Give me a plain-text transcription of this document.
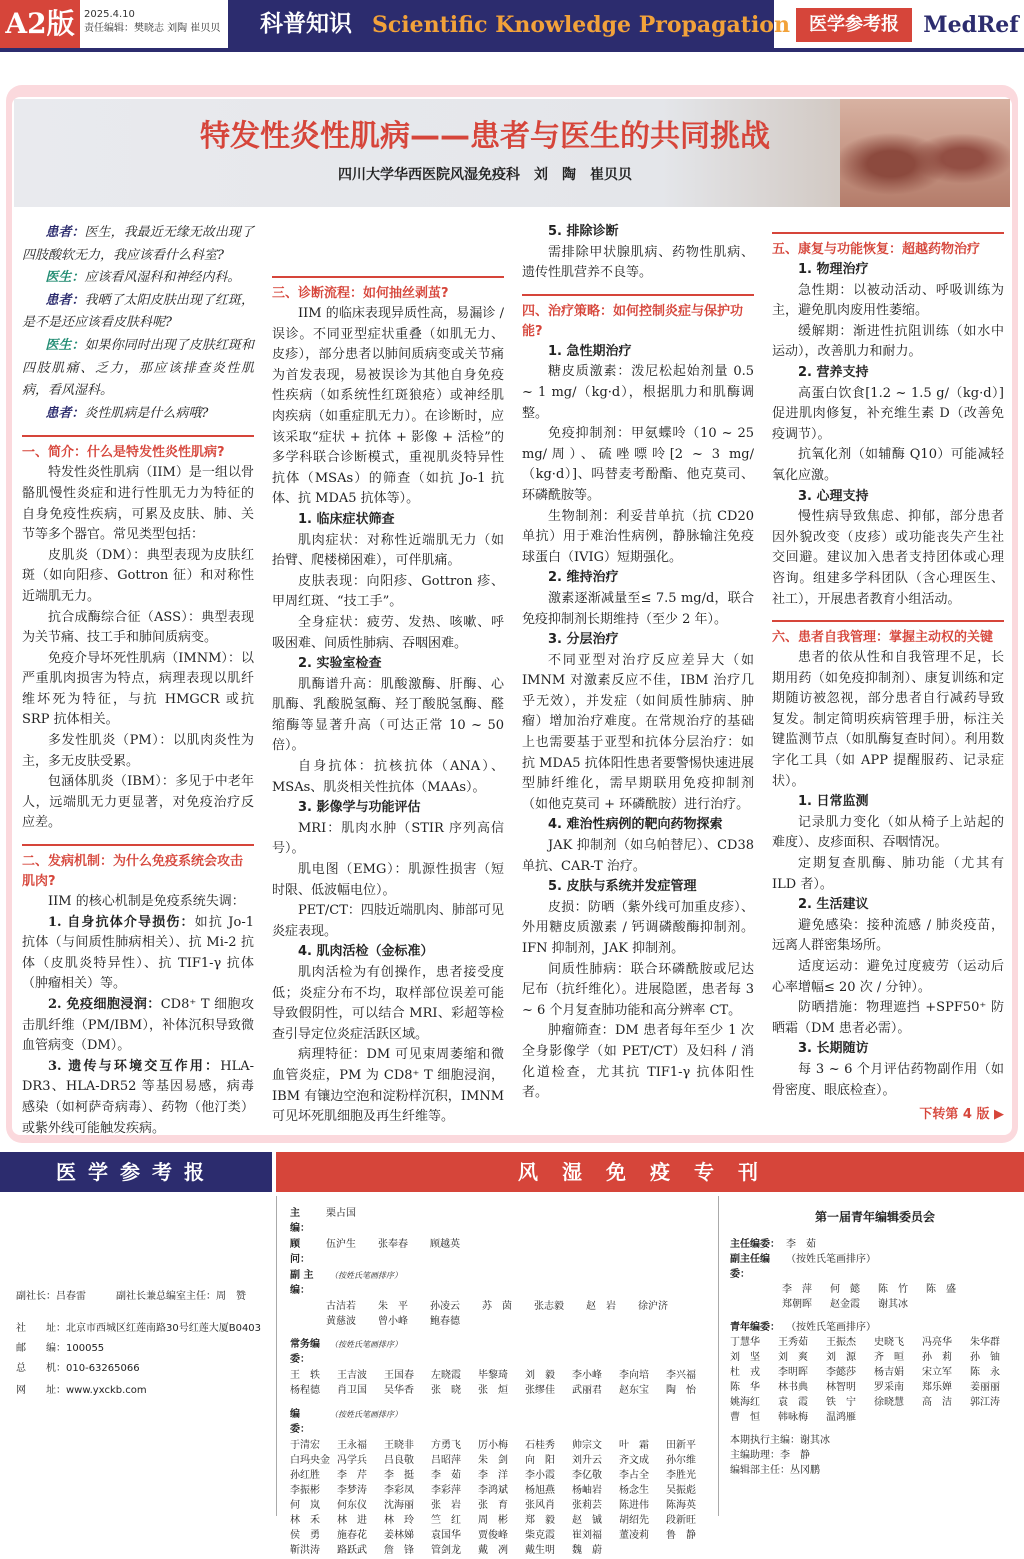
A2版 2025.4.10
责任编辑：樊晓志 刘陶 崔贝贝 科普知识 Scientific Knowledge Propagation	医学参考报	MedRef
特发性炎性肌病——患者与医生的共同挑战
四川大学华西医院风湿免疫科　刘　陶　崔贝贝

患者：医生，我最近无缘无故出现了四肢酸软无力，我应该看什么科室?

医生：应该看风湿科和神经内科。

患者：我晒了太阳皮肤出现了红斑，是不是还应该看皮肤科呢?

医生：如果你同时出现了皮肤红斑和四肢肌痛、乏力，那应该排查炎性肌病，看风湿科。

患者：炎性肌病是什么病哦?

一、简介：什么是特发性炎性肌病?

特发性炎性肌病（IIM）是一组以骨骼肌慢性炎症和进行性肌无力为特征的自身免疫性疾病，可累及皮肤、肺、关节等多个器官。常见类型包括：

皮肌炎（DM）：典型表现为皮肤红斑（如向阳疹、Gottron 征）和对称性近端肌无力。

抗合成酶综合征（ASS）：典型表现为关节痛、技工手和肺间质病变。

免疫介导坏死性肌病（IMNM）：以严重肌肉损害为特点，病理表现以肌纤维坏死为特征，与抗 HMGCR 或抗 SRP 抗体相关。

多发性肌炎（PM）：以肌肉炎性为主，多无皮肤受累。

包涵体肌炎（IBM）：多见于中老年人，远端肌无力更显著，对免疫治疗反应差。

二、发病机制：为什么免疫系统会攻击肌肉?

IIM 的核心机制是免疫系统失调：

1. 自身抗体介导损伤：如抗 Jo-1 抗体（与间质性肺病相关）、抗 Mi-2 抗体（皮肌炎特异性）、抗 TIF1-γ 抗体（肿瘤相关）等。

2. 免疫细胞浸润：CD8⁺ T 细胞攻击肌纤维（PM/IBM），补体沉积导致微血管病变（DM）。

3. 遗传与环境交互作用：HLA-DR3、HLA-DR52 等基因易感，病毒感染（如柯萨奇病毒）、药物（他汀类）或紫外线可能触发疾病。

三、诊断流程：如何抽丝剥茧?

IIM 的临床表现异质性高，易漏诊 / 误诊。不同亚型症状重叠（如肌无力、皮疹），部分患者以肺间质病变或关节痛为首发表现，易被误诊为其他自身免疫性疾病（如系统性红斑狼疮）或神经肌肉疾病（如重症肌无力）。在诊断时，应该采取“症状 + 抗体 + 影像 + 活检”的多学科联合诊断模式，重视肌炎特异性抗体（MSAs）的筛查（如抗 Jo-1 抗体、抗 MDA5 抗体等）。

1. 临床症状筛查

肌肉症状：对称性近端肌无力（如抬臂、爬楼梯困难），可伴肌痛。

皮肤表现：向阳疹、Gottron 疹、甲周红斑、“技工手”。

全身症状：疲劳、发热、咳嗽、呼吸困难、间质性肺病、吞咽困难。

2. 实验室检查

肌酶谱升高：肌酸激酶、肝酶、心肌酶、乳酸脱氢酶、羟丁酸脱氢酶、醛缩酶等显著升高（可达正常 10 ~ 50 倍）。

自身抗体：抗核抗体（ANA）、MSAs、肌炎相关性抗体（MAAs）。

3. 影像学与功能评估

MRI：肌肉水肿（STIR 序列高信号）。

肌电图（EMG）：肌源性损害（短时限、低波幅电位）。

PET/CT：四肢近端肌肉、肺部可见炎症表现。

4. 肌肉活检（金标准）

肌肉活检为有创操作，患者接受度低；炎症分布不均，取样部位误差可能导致假阴性，可以结合 MRI、彩超等检查引导定位炎症活跃区域。

病理特征：DM 可见束周萎缩和微血管炎症，PM 为 CD8⁺ T 细胞浸润，IBM 有镶边空泡和淀粉样沉积，IMNM 可见坏死肌细胞及再生纤维等。

5. 排除诊断

需排除甲状腺肌病、药物性肌病、遗传性肌营养不良等。

四、治疗策略：如何控制炎症与保护功能?
1. 急性期治疗

糖皮质激素：泼尼松起始剂量 0.5 ~ 1 mg/（kg·d），根据肌力和肌酶调整。

免疫抑制剂：甲氨蝶呤（10 ~ 25 mg/周）、硫唑嘌呤[2 ~ 3 mg/（kg·d）]、吗替麦考酚酯、他克莫司、环磷酰胺等。

生物制剂：利妥昔单抗（抗 CD20 单抗）用于难治性病例，静脉输注免疫球蛋白（IVIG）短期强化。

2. 维持治疗

激素逐渐减量至≤ 7.5 mg/d，联合免疫抑制剂长期维持（至少 2 年）。

3. 分层治疗

不同亚型对治疗反应差异大（如 IMNM 对激素反应不佳，IBM 治疗几乎无效），并发症（如间质性肺病、肿瘤）增加治疗难度。在常规治疗的基础上也需要基于亚型和抗体分层治疗：如抗 MDA5 抗体阳性患者要警惕快速进展型肺纤维化，需早期联用免疫抑制剂（如他克莫司 + 环磷酰胺）进行治疗。

4. 难治性病例的靶向药物探索

JAK 抑制剂（如乌帕替尼）、CD38 单抗、CAR-T 治疗。

5. 皮肤与系统并发症管理

皮损：防晒（紫外线可加重皮疹）、外用糖皮质激素 / 钙调磷酸酶抑制剂。IFN 抑制剂，JAK 抑制剂。

间质性肺病：联合环磷酰胺或尼达尼布（抗纤维化）。进展隐匿，患者每 3 ~ 6 个月复查肺功能和高分辨率 CT。

肿瘤筛查：DM 患者每年至少 1 次全身影像学（如 PET/CT）及妇科 / 消化道检查，尤其抗 TIF1-γ 抗体阳性者。

五、康复与功能恢复：超越药物治疗
1. 物理治疗

急性期：以被动活动、呼吸训练为主，避免肌肉废用性萎缩。

缓解期：渐进性抗阻训练（如水中运动），改善肌力和耐力。

2. 营养支持

高蛋白饮食[1.2 ~ 1.5 g/（kg·d）]促进肌肉修复，补充维生素 D（改善免疫调节）。

抗氧化剂（如辅酶 Q10）可能减轻氧化应激。

3. 心理支持

慢性病导致焦虑、抑郁，部分患者因外貌改变（皮疹）或功能丧失产生社交回避。建议加入患者支持团体或心理咨询。组建多学科团队（含心理医生、社工），开展患者教育小组活动。

六、患者自我管理：掌握主动权的关键

患者的依从性和自我管理不足，长期用药（如免疫抑制剂）、康复训练和定期随访被忽视，部分患者自行减药导致复发。制定简明疾病管理手册，标注关键监测节点（如肌酶复查时间）。利用数字化工具（如 APP 提醒服药、记录症状）。

1. 日常监测

记录肌力变化（如从椅子上站起的难度）、皮疹面积、吞咽情况。

定期复查肌酶、肺功能（尤其有 ILD 者）。

2. 生活建议

避免感染：接种流感 / 肺炎疫苗，远离人群密集场所。

适度运动：避免过度疲劳（运动后心率增幅≤ 20 次 / 分钟）。

防晒措施：物理遮挡 +SPF50⁺ 防晒霜（DM 患者必需）。

3. 长期随访

每 3 ~ 6 个月评估药物副作用（如骨密度、眼底检查）。

下转第 4 版 ▶
医学参考报	风湿免疫专刊
副社长：吕春雷　　　	副社长兼总编室主任：周　赞
社　　址：北京市西城区红莲南路30号红莲大厦B0403
邮　　编：100055
总　　机：010-63265066
网　　址：www.yxckb.com
主　编：
栗占国
顾　问：
伍沪生	张奉春	顾越英
副 主 编：
（按姓氏笔画排序）
古洁若	朱　平	孙凌云	苏　茵	张志毅	赵　岩	徐沪济
黄慈波	曾小峰	鲍春德
常务编委：
（按姓氏笔画排序）
王　轶	王吉波	王国春	左晓霞	毕黎琦	刘　毅	李小峰	李向培	李兴福
杨程德	肖卫国	吴华香	张　晓	张　烜	张缪佳	武丽君	赵东宝	陶　怡
编　委：
（按姓氏笔画排序）
于清宏	王永福	王晓非	方勇飞	厉小梅	石桂秀	帅宗文	叶　霜	田新平
白玛央金 冯学兵	吕良敬	吕昭萍	朱　剑	向　阳	刘升云	齐文成	孙尔维
孙红胜	李　芹	李　挺	李　茹	李　洋	李小霞	李亿敬	李占全	李胜光
李振彬	李梦涛	李彩凤	李彩萍	李鸿斌	杨旭燕	杨岫岩	杨念生	吴振彪
何　岚	何东仪	沈海丽	张　岩	张　育	张风肖	张莉芸	陈进伟	陈海英
林　禾	林　进	林　玲	竺　红	周　彬	郑　毅	赵　铖	胡绍先	段新旺
侯　勇	施春花	姜林娣	袁国华	贾俊峰	柴克霞	崔刘福	董凌莉	鲁　静
靳洪涛	路跃武	詹　锋	管剑龙	戴　冽	戴生明	魏　蔚
第一届青年编辑委员会
主任编委： 李　茹
副主任编委：
（按姓氏笔画排序）
李　萍	何　懿	陈　竹	陈　盛
郑朝晖	赵金霞	谢其冰
青年编委： （按姓氏笔画排序）
丁慧华	王秀茹	王振杰	史晓飞	冯亮华	朱华群
刘　坚	刘　爽	刘　源	齐　晅	孙　莉	孙　铀
杜　戎	李明晖	李懿莎	杨吉娟	宋立军	陈　永
陈　华	林书典	林智明	罗采南	郑乐婵	姜丽丽
姚海红	袁　霞	铁　宁	徐晓慧	高　洁	郭江涛
曹　恒	韩咏梅	温鸿雁
本期执行主编：谢其冰
主编助理：李　静
编辑部主任：丛冈鹏
